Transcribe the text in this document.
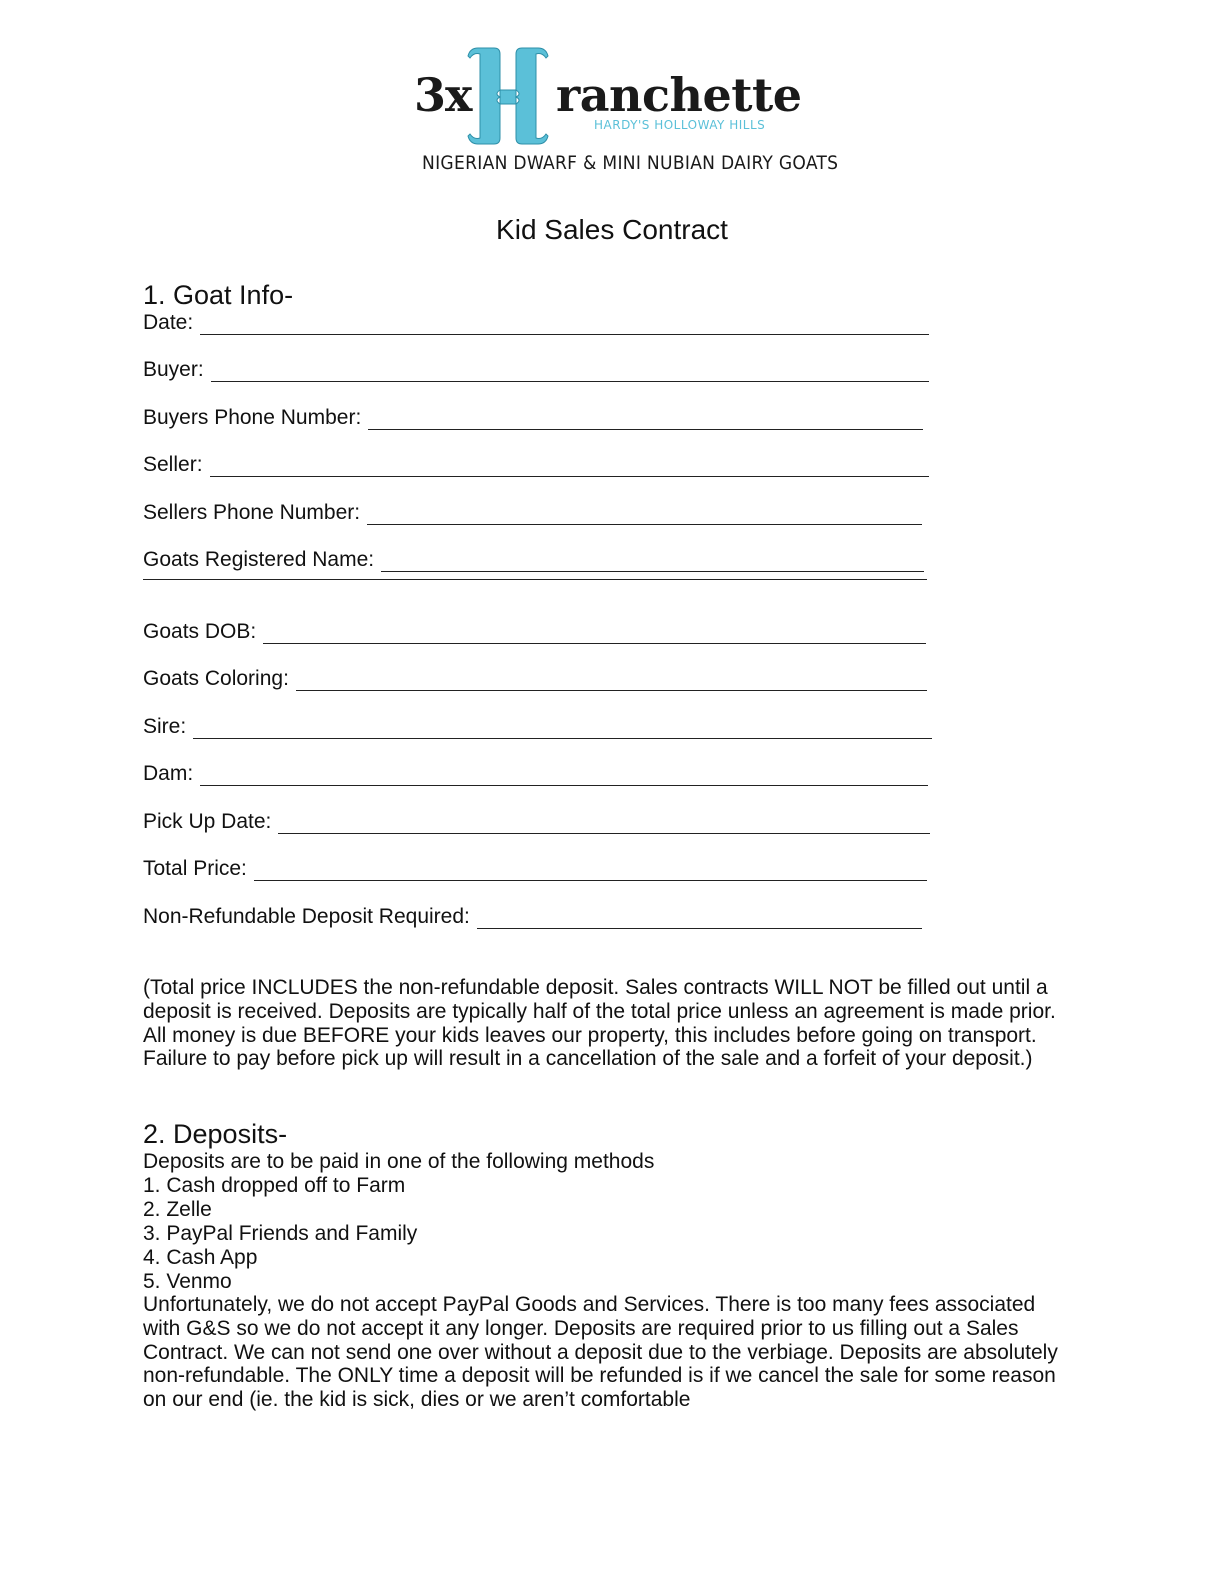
3x ranchette
HARDY'S HOLLOWAY HILLS
NIGERIAN DWARF & MINI NUBIAN DAIRY GOATS
Kid Sales Contract
1. Goat Info-
Date:
Buyer:
Buyers Phone Number:
Seller:
Sellers Phone Number:
Goats Registered Name:
Goats DOB:
Goats Coloring:
Sire:
Dam:
Pick Up Date:
Total Price:
Non-Refundable Deposit Required:

(Total price INCLUDES the non-refundable deposit. Sales contracts WILL NOT be filled out until a deposit is received. Deposits are typically half of the total price unless an agreement is made prior. All money is due BEFORE your kids leaves our property, this includes before going on transport. Failure to pay before pick up will result in a cancellation of the sale and a forfeit of your deposit.)

2. Deposits-
Deposits are to be paid in one of the following methods
1. Cash dropped off to Farm
2. Zelle
3. PayPal Friends and Family
4. Cash App
5. Venmo

Unfortunately, we do not accept PayPal Goods and Services. There is too many fees associated with G&S so we do not accept it any longer. Deposits are required prior to us filling out a Sales Contract. We can not send one over without a deposit due to the verbiage. Deposits are absolutely non-refundable. The ONLY time a deposit will be refunded is if we cancel the sale for some reason on our end (ie. the kid is sick, dies or we aren’t comfortable
